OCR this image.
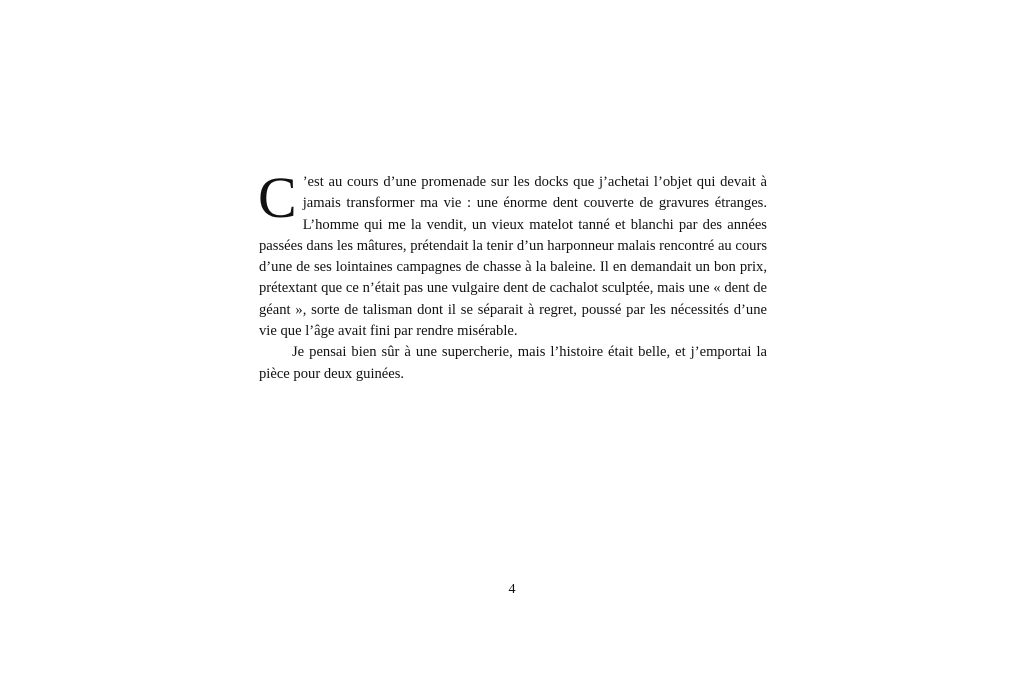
C ’est au cours d’une promenade sur les docks que j’achetai l’objet qui devait à jamais transformer ma vie : une énorme dent couverte de gravures étranges. L’homme qui me la vendit, un vieux matelot tanné et blanchi par des années passées dans les mâtures, prétendait la tenir d’un harponneur malais rencontré au cours d’une de ses lointaines campagnes de chasse à la baleine. Il en demandait un bon prix, prétextant que ce n’était pas une vulgaire dent de cachalot sculptée, mais une « dent de géant », sorte de talisman dont il se séparait à regret, poussé par les nécessités d’une vie que l’âge avait fini par rendre misérable.

Je pensai bien sûr à une supercherie, mais l’histoire était belle, et j’emportai la pièce pour deux guinées.

4
